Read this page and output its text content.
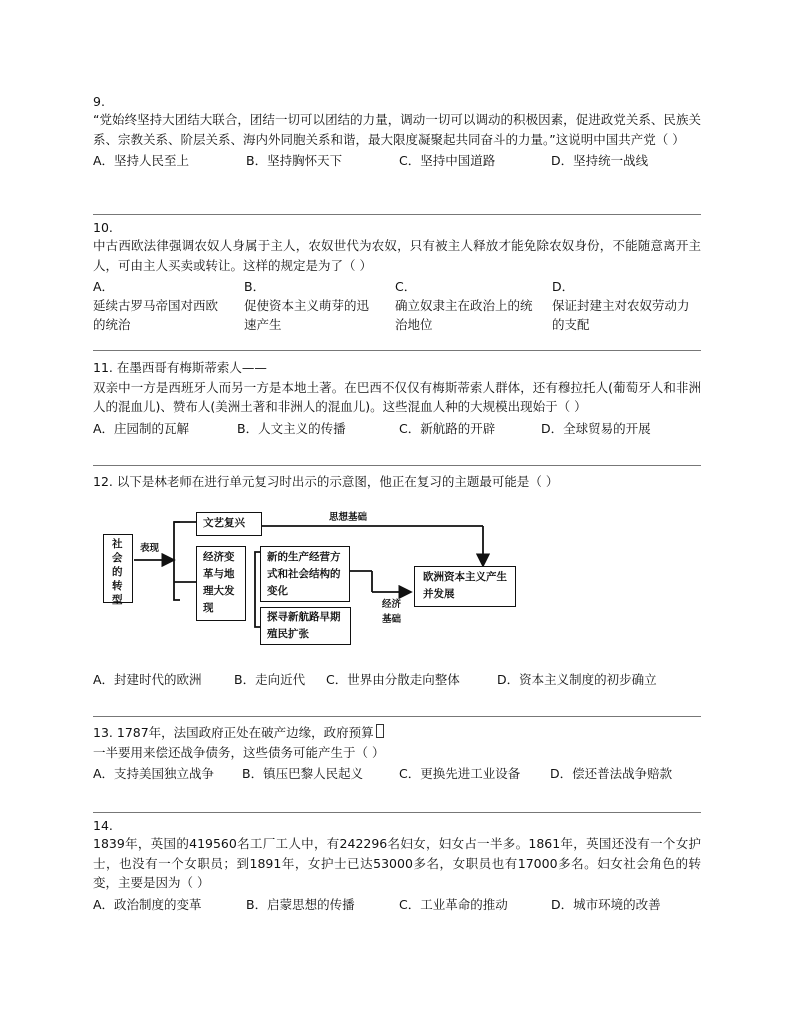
9.
“党始终坚持大团结大联合，团结一切可以团结的力量，调动一切可以调动的积极因素，促进政党关系、民族关系、宗教关系、阶层关系、海内外同胞关系和谐，最大限度凝聚起共同奋斗的力量。”这说明中国共产党（ ）
A．坚持人民至上	B．坚持胸怀天下	C．坚持中国道路	D．坚持统一战线
10.
中古西欧法律强调农奴人身属于主人，农奴世代为农奴，只有被主人释放才能免除农奴身份，不能随意离开主人，可由主人买卖或转让。这样的规定是为了（ ）
A．
延续古罗马帝国对西欧
的统治
B．
促使资本主义萌芽的迅
速产生
C．
确立奴隶主在政治上的统
治地位
D．
保证封建主对农奴劳动力
的支配
11. 在墨西哥有梅斯蒂索人——
双亲中一方是西班牙人而另一方是本地土著。在巴西不仅仅有梅斯蒂索人群体，还有穆拉托人(葡萄牙人和非洲人的混血儿)、赞布人(美洲土著和非洲人的混血儿)。这些混血人种的大规模出现始于（ ）
A．庄园制的瓦解	B．人文主义的传播	C．新航路的开辟	D．全球贸易的开展
12. 以下是林老师在进行单元复习时出示的示意图，他正在复习的主题最可能是（ ）
社会的转型
表现
文艺复兴	思想基础
经济变革与地理大发现
新的生产经营方式和社会结构的变化
探寻新航路早期殖民扩张
欧洲资本主义产生并发展
经济
基础
A．封建时代的欧洲	B．走向近代	C．世界由分散走向整体	D．资本主义制度的初步确立
13. 1787年，法国政府正处在破产边缘，政府预算
一半要用来偿还战争债务，这些债务可能产生于（ ）
A．支持美国独立战争	B．镇压巴黎人民起义	C．更换先进工业设备	D．偿还普法战争赔款
14.
1839年，英国的419560名工厂工人中，有242296名妇女，妇女占一半多。1861年，英国还没有一个女护士，也没有一个女职员；到1891年，女护士已达53000多名，女职员也有17000多名。妇女社会角色的转变，主要是因为（ ）
A．政治制度的变革	B．启蒙思想的传播	C．工业革命的推动	D．城市环境的改善
